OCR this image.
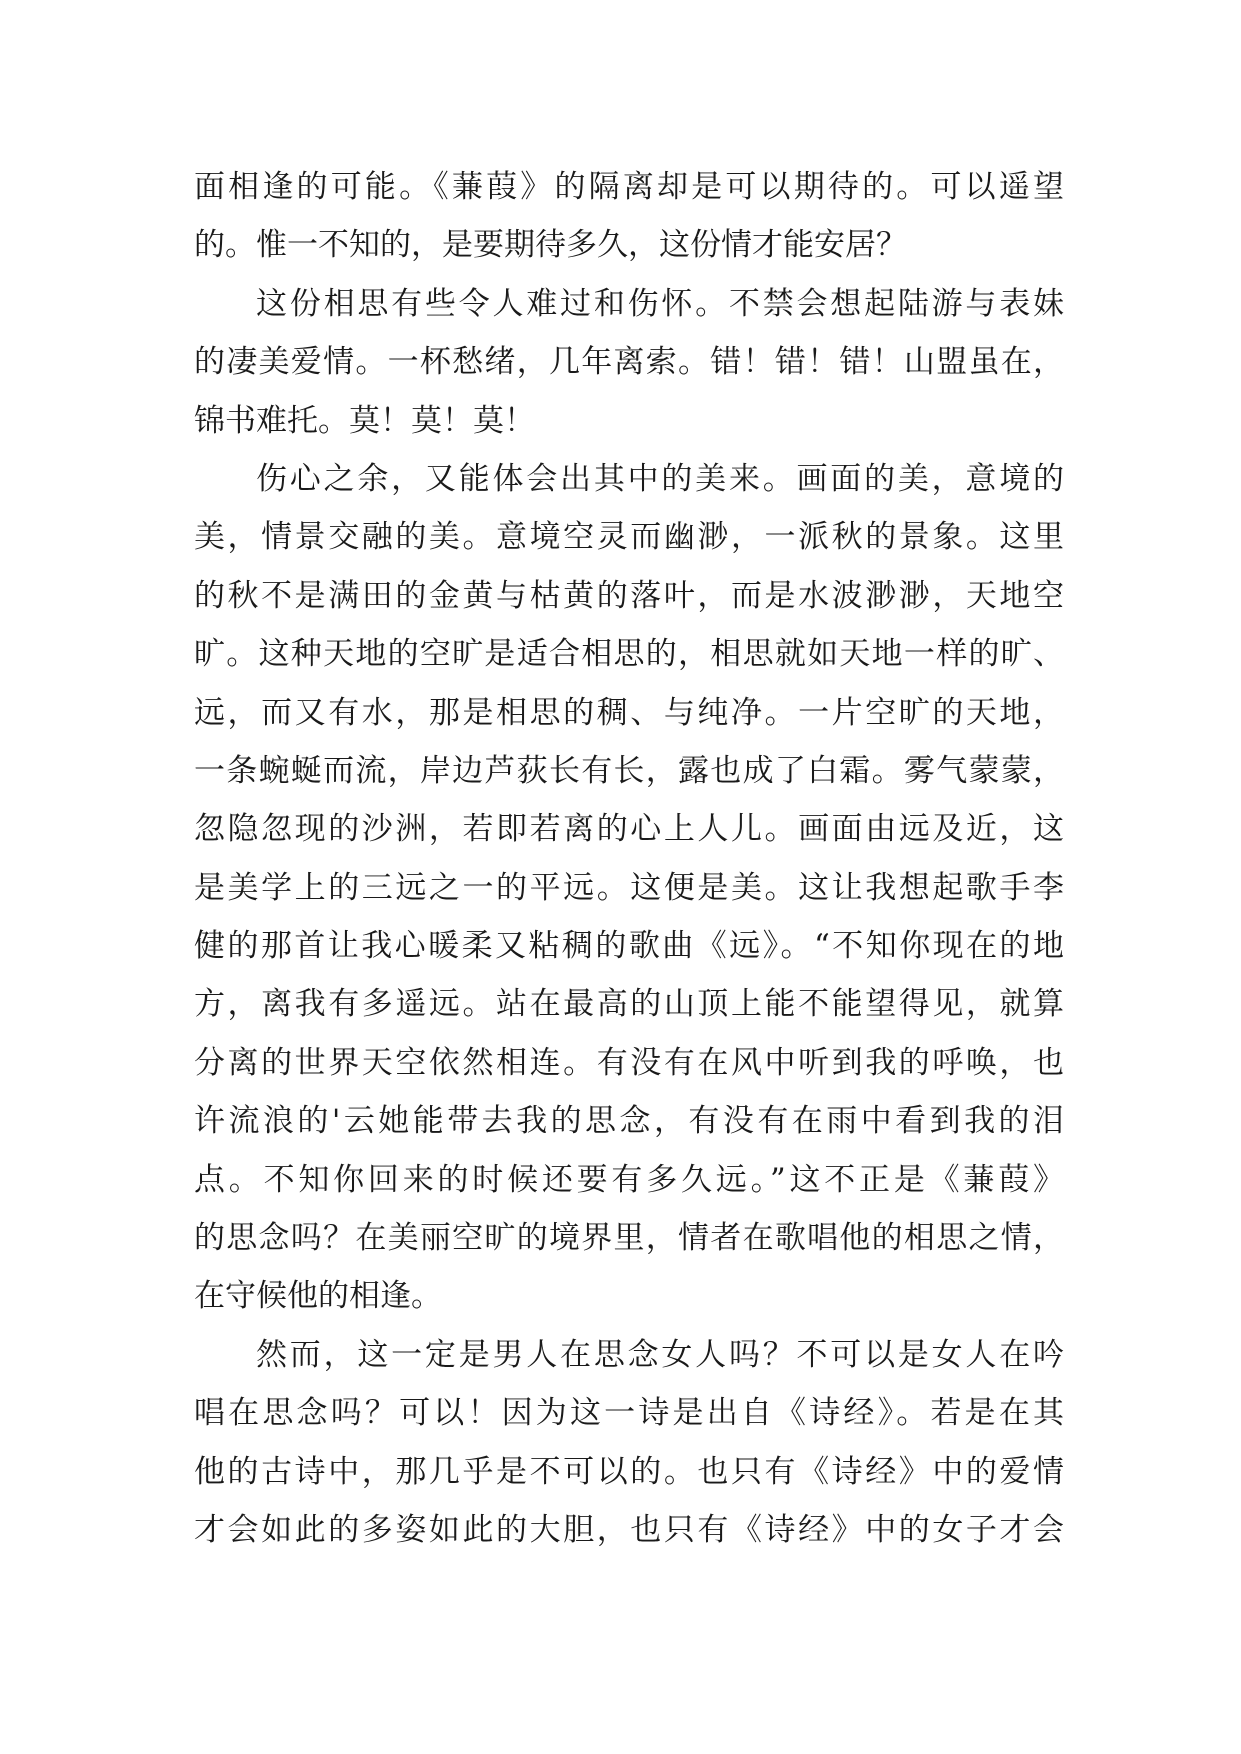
面相逢的可能。《蒹葭》的隔离却是可以期待的。可以遥望
的。惟一不知的，是要期待多久，这份情才能安居？
这份相思有些令人难过和伤怀。不禁会想起陆游与表妹
的凄美爱情。一杯愁绪，几年离索。错！错！错！山盟虽在，
锦书难托。莫！莫！莫！
伤心之余，又能体会出其中的美来。画面的美，意境的
美，情景交融的美。意境空灵而幽渺，一派秋的景象。这里
的秋不是满田的金黄与枯黄的落叶，而是水波渺渺，天地空
旷。这种天地的空旷是适合相思的，相思就如天地一样的旷、
远，而又有水，那是相思的稠、与纯净。一片空旷的天地，
一条蜿蜒而流，岸边芦荻长有长，露也成了白霜。雾气蒙蒙，
忽隐忽现的沙洲，若即若离的心上人儿。画面由远及近，这
是美学上的三远之一的平远。这便是美。这让我想起歌手李
健的那首让我心暖柔又粘稠的歌曲《远》。“不知你现在的地
方，离我有多遥远。站在最高的山顶上能不能望得见，就算
分离的世界天空依然相连。有没有在风中听到我的呼唤，也
许流浪的'云她能带去我的思念，有没有在雨中看到我的泪
点。不知你回来的时候还要有多久远。”这不正是《蒹葭》
的思念吗？在美丽空旷的境界里，情者在歌唱他的相思之情，
在守候他的相逢。
然而，这一定是男人在思念女人吗？不可以是女人在吟
唱在思念吗？可以！因为这一诗是出自《诗经》。若是在其
他的古诗中，那几乎是不可以的。也只有《诗经》中的爱情
才会如此的多姿如此的大胆，也只有《诗经》中的女子才会
